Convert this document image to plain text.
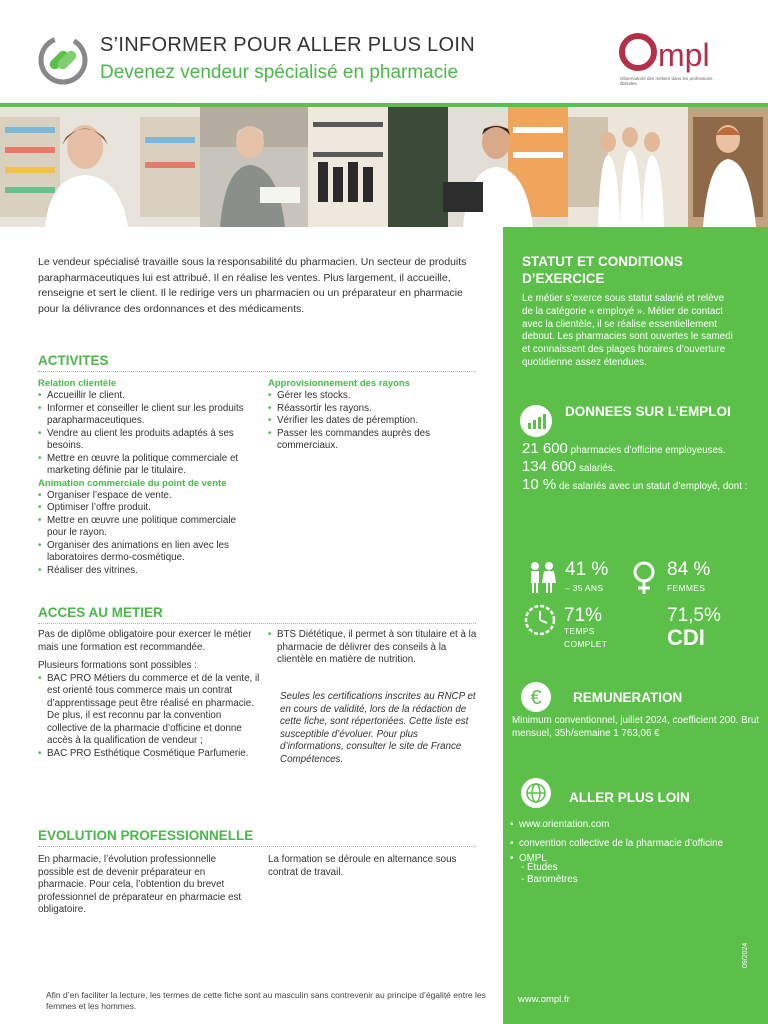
S’INFORMER POUR ALLER PLUS LOIN
Devenez vendeur spécialisé en pharmacie	mpl
Observatoire des métiers dans les professions libérales
Le vendeur spécialisé travaille sous la responsabilité du pharmacien. Un secteur de produits parapharmaceutiques lui est attribué. Il en réalise les ventes. Plus largement, il accueille, renseigne et sert le client. Il le redirige vers un pharmacien ou un préparateur en pharmacie pour la délivrance des ordonnances et des médicaments.
ACTIVITES
Relation clientèle
• Accueillir le client.
• Informer et conseiller le client sur les produits parapharmaceutiques.
• Vendre au client les produits adaptés à ses besoins.
• Mettre en œuvre la politique commerciale et marketing définie par le titulaire.
Animation commerciale du point de vente
• Organiser l’espace de vente.
• Optimiser l’offre produit.
• Mettre en œuvre une politique commerciale pour le rayon.
• Organiser des animations en lien avec les laboratoires dermo-cosmétique.
• Réaliser des vitrines.
Approvisionnement des rayons
• Gérer les stocks.
• Réassortir les rayons.
• Vérifier les dates de péremption.
• Passer les commandes auprès des commerciaux.
ACCES AU METIER
Pas de diplôme obligatoire pour exercer le métier mais une formation est recommandée.
Plusieurs formations sont possibles :
• BAC PRO Métiers du commerce et de la vente, il est orienté tous commerce mais un contrat d’apprentissage peut être réalisé en pharmacie. De plus, il est reconnu par la convention collective de la pharmacie d’officine et donne accès à la qualification de vendeur ;
• BAC PRO Esthétique Cosmétique Parfumerie.
• BTS Diététique, il permet à son titulaire et à la pharmacie de délivrer des conseils à la clientèle en matière de nutrition.
Seules les certifications inscrites au RNCP et en cours de validité, lors de la rédaction de cette fiche, sont répertoriées. Cette liste est susceptible d’évoluer. Pour plus d’informations, consulter le site de France Compétences.
EVOLUTION PROFESSIONNELLE
En pharmacie, l’évolution professionnelle possible est de devenir préparateur en pharmacie. Pour cela, l’obtention du brevet professionnel de préparateur en pharmacie est obligatoire.
La formation se déroule en alternance sous contrat de travail.
Afin d’en faciliter la lecture, les termes de cette fiche sont au masculin sans contrevenir au principe d’égalité entre les femmes et les hommes.
STATUT ET CONDITIONS D’EXERCICE
Le métier s’exerce sous statut salarié et relève de la catégorie « employé ». Métier de contact avec la clientèle, il se réalise essentiellement debout. Les pharmacies sont ouvertes le samedi et connaissent des plages horaires d’ouverture quotidienne assez étendues.
DONNEES SUR L’EMPLOI
21 600 pharmacies d’officine employeuses.
134 600 salariés.
10 % de salariés avec un statut d’employé, dont :
41 %
– 35 ANS
84 %
FEMMES
71%
TEMPS COMPLET
71,5%
CDI
€ REMUNERATION
Minimum conventionnel, juillet 2024, coefficient 200. Brut mensuel, 35h/semaine 1 763,06 €
ALLER PLUS LOIN
• www.orientation.com
• convention collective de la pharmacie d’officine
• OMPL
- Études
- Baromètres
www.ompl.fr
09/2024
